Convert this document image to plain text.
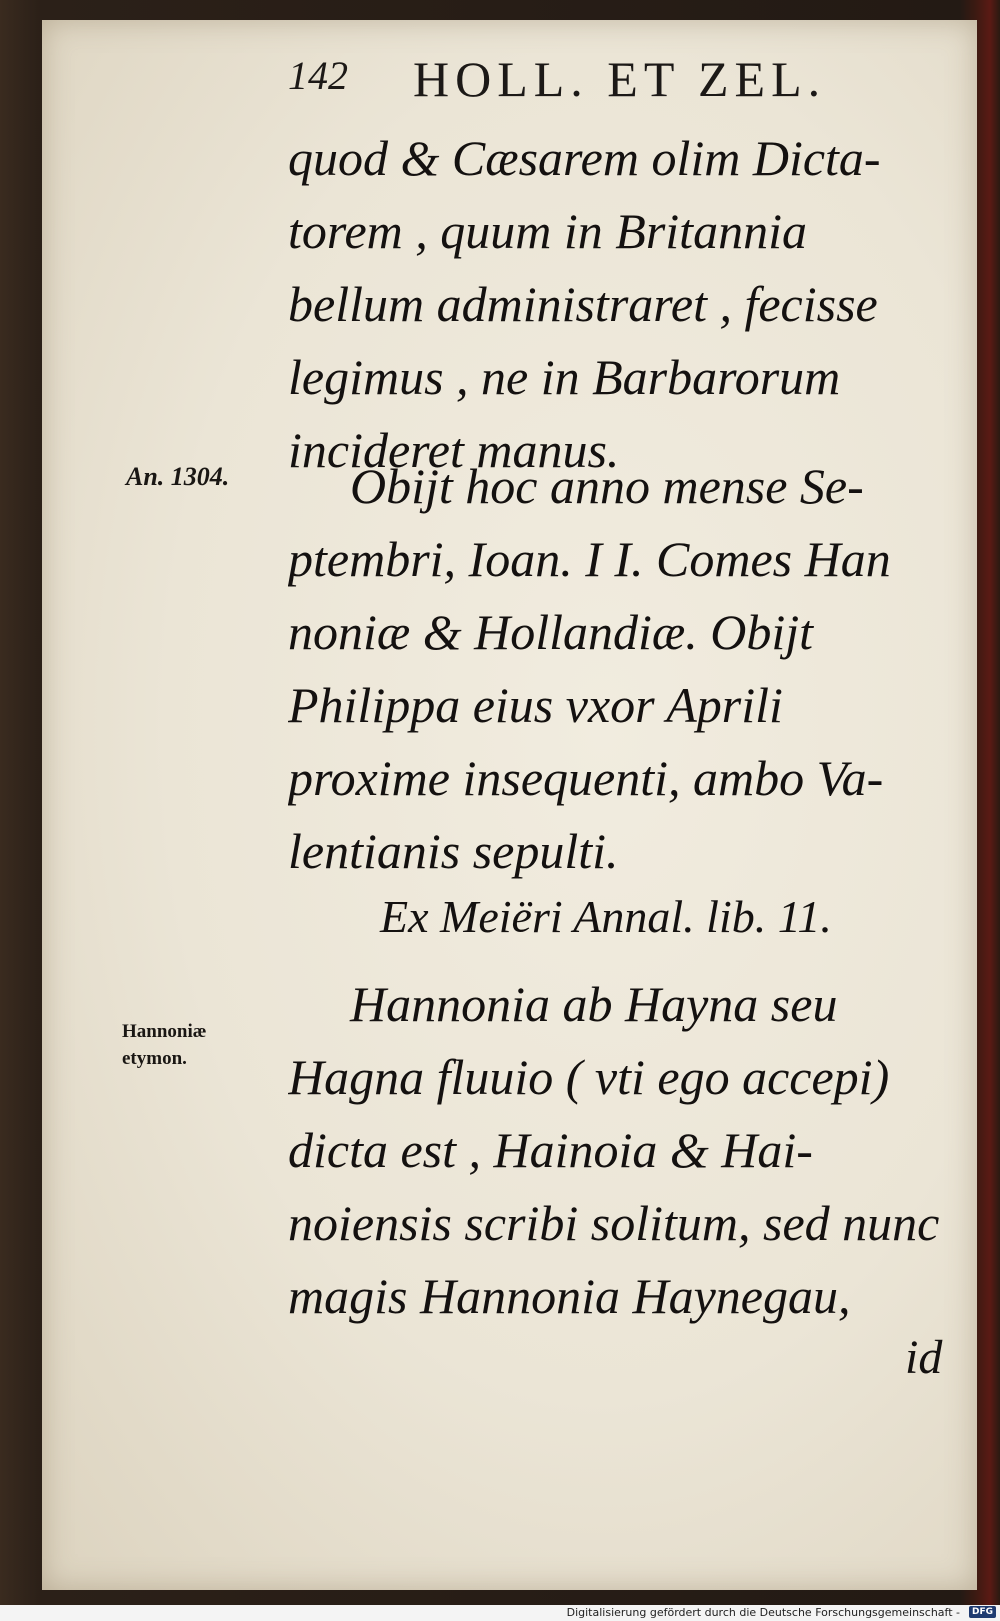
142 HOLL. ET ZEL.
quod & Cæsarem olim Dicta-
torem , quum in Britannia
bellum administraret , fecisse
legimus , ne in Barbarorum
incideret manus.
An. 1304.	Obijt hoc anno mense Se-
ptembri, Ioan. I I. Comes Han
noniæ & Hollandiæ. Obijt
Philippa eius vxor Aprili
proxime insequenti, ambo Va-
lentianis sepulti.
Ex Meiëri Annal. lib. 11.
Hannoniæ
etymon.
Hannonia ab Hayna seu
Hagna fluuio ( vti ego accepi)
dicta est , Hainoia & Hai-
noiensis scribi solitum, sed nunc
magis Hannonia Haynegau,
id
Digitalisierung gefördert durch die Deutsche Forschungsgemeinschaft -	DFG
